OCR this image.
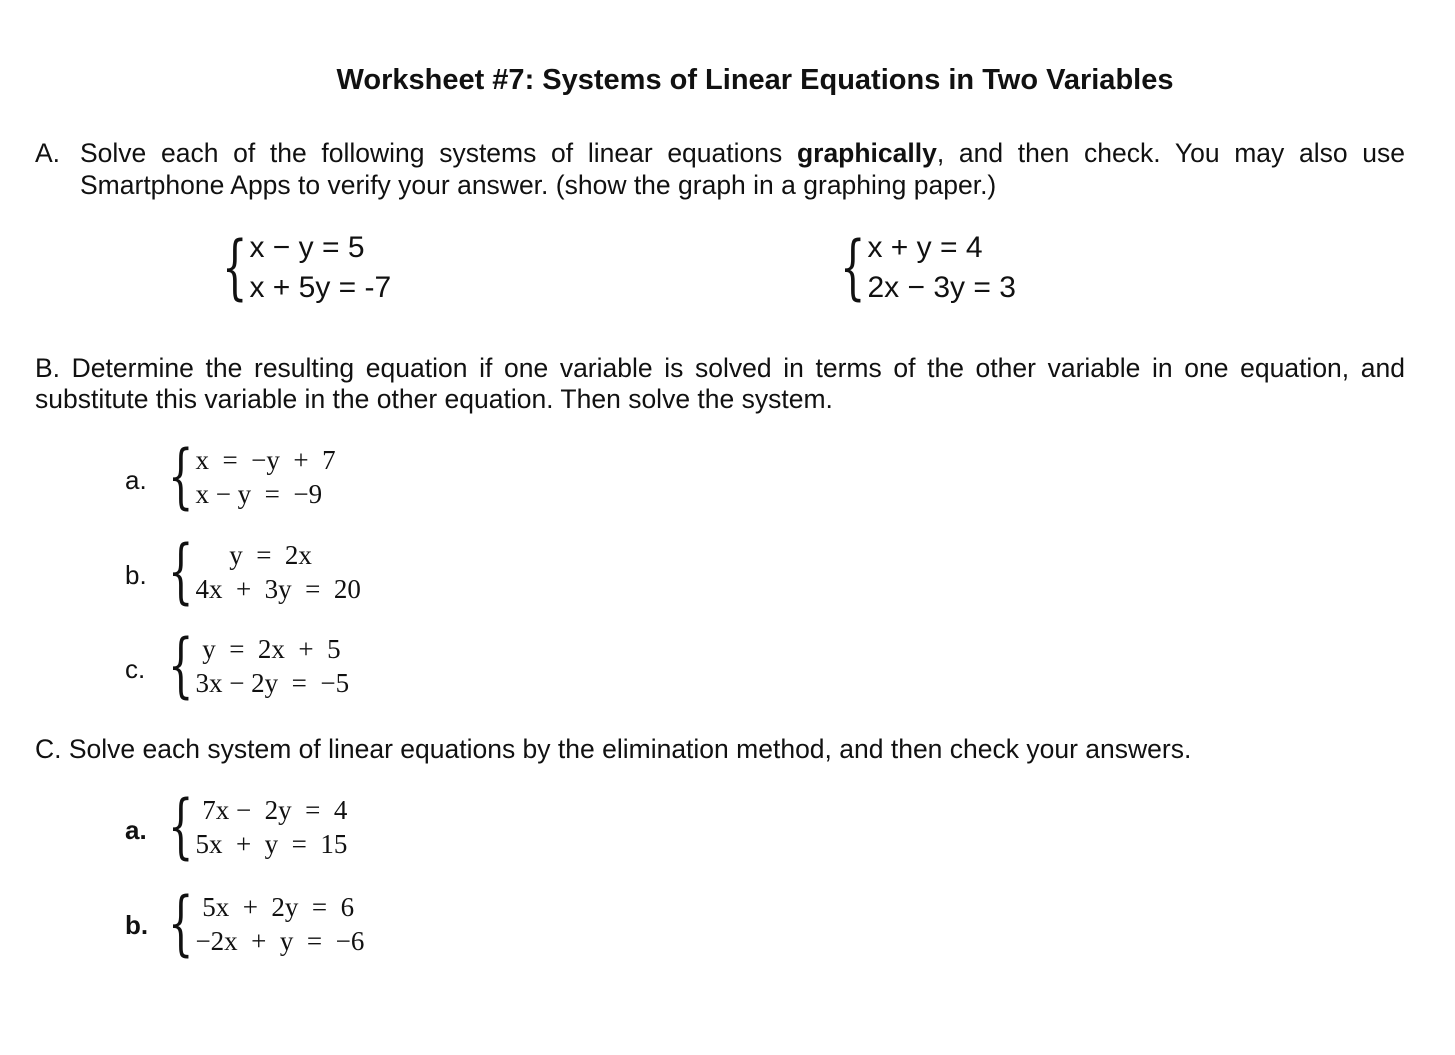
Worksheet #7: Systems of Linear Equations in Two Variables
A. Solve each of the following systems of linear equations graphically, and then check. You may also use
Smartphone Apps to verify your answer. (show the graph in a graphing paper.)
{ x − y = 5
x + 5y = -7	{ x + y = 4
2x − 3y = 3
B. Determine the resulting equation if one variable is solved in terms of the other variable in one equation, and
substitute this variable in the other equation. Then solve the system.
a. { x  =  −y  +  7
x − y  =  −9
b. { y  =  2x
4x  +  3y  =  20
c. { y  =  2x  +  5
3x − 2y  =  −5
C. Solve each system of linear equations by the elimination method, and then check your answers.
a. { 7x −  2y  =  4
5x  +  y  =  15
b. { 5x  +  2y  =  6
−2x  +  y  =  −6
